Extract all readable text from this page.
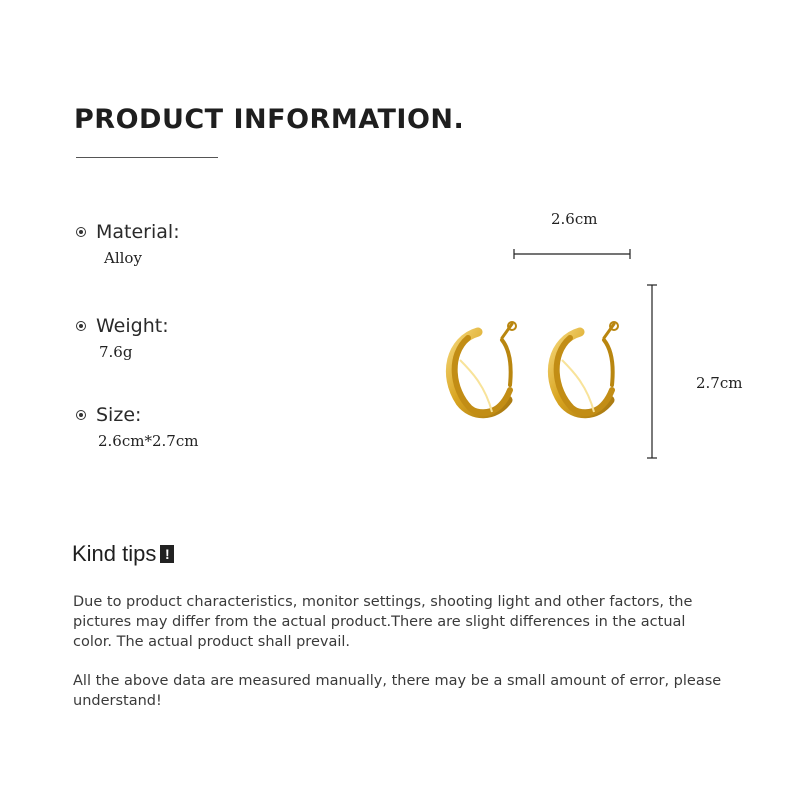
PRODUCT INFORMATION.
Material:
Alloy
Weight:
7.6g
Size:
2.6cm*2.7cm
2.6cm
2.7cm
Kind tips !

Due to product characteristics, monitor settings, shooting light and other factors, the pictures may differ from the actual product.There are slight differences in the actual color. The actual product shall prevail.

All the above data are measured manually, there may be a small amount of error, please understand!
